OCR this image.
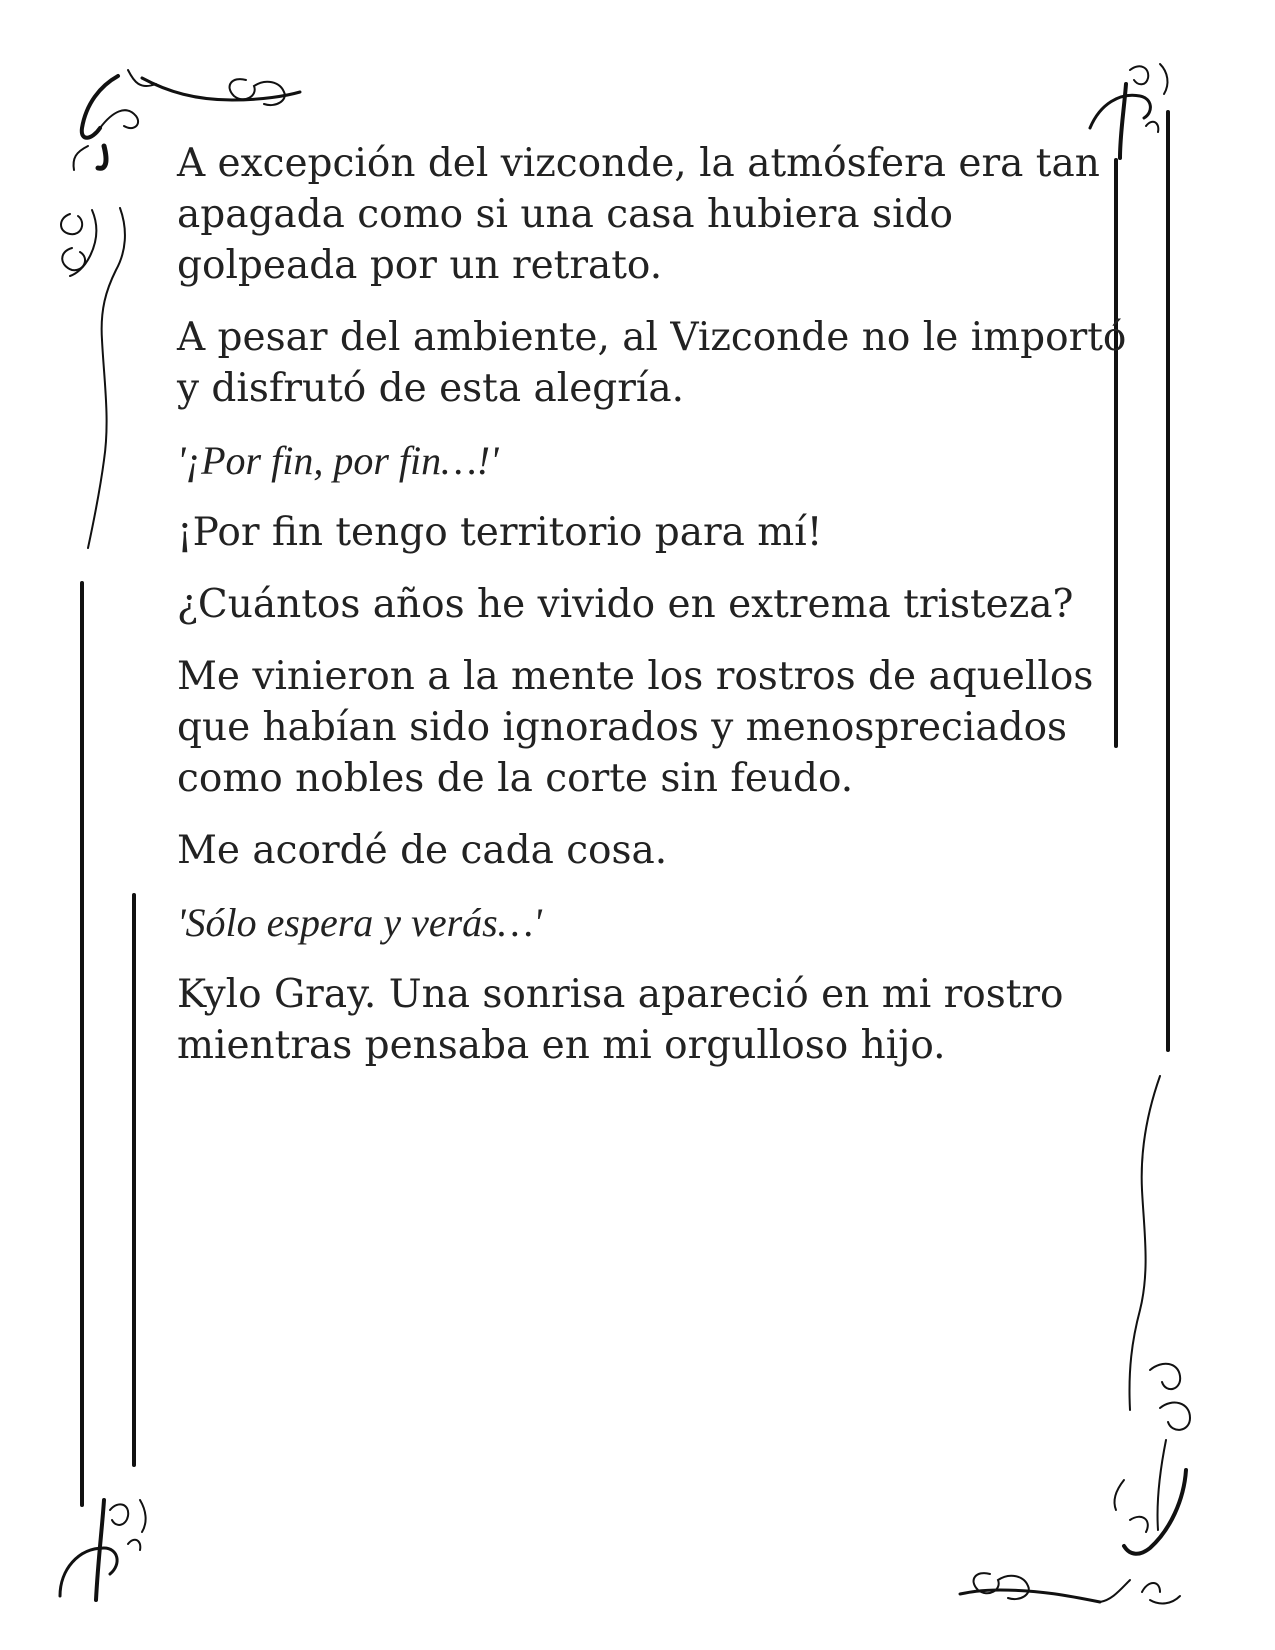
A excepción del vizconde, la atmósfera era tan
apagada como si una casa hubiera sido
golpeada por un retrato.

A pesar del ambiente, al Vizconde no le importó
y disfrutó de esta alegría.

'¡Por fin, por fin…!'

¡Por fin tengo territorio para mí!

¿Cuántos años he vivido en extrema tristeza?

Me vinieron a la mente los rostros de aquellos
que habían sido ignorados y menospreciados
como nobles de la corte sin feudo.

Me acordé de cada cosa.

'Sólo espera y verás…'

Kylo Gray. Una sonrisa apareció en mi rostro
mientras pensaba en mi orgulloso hijo.
